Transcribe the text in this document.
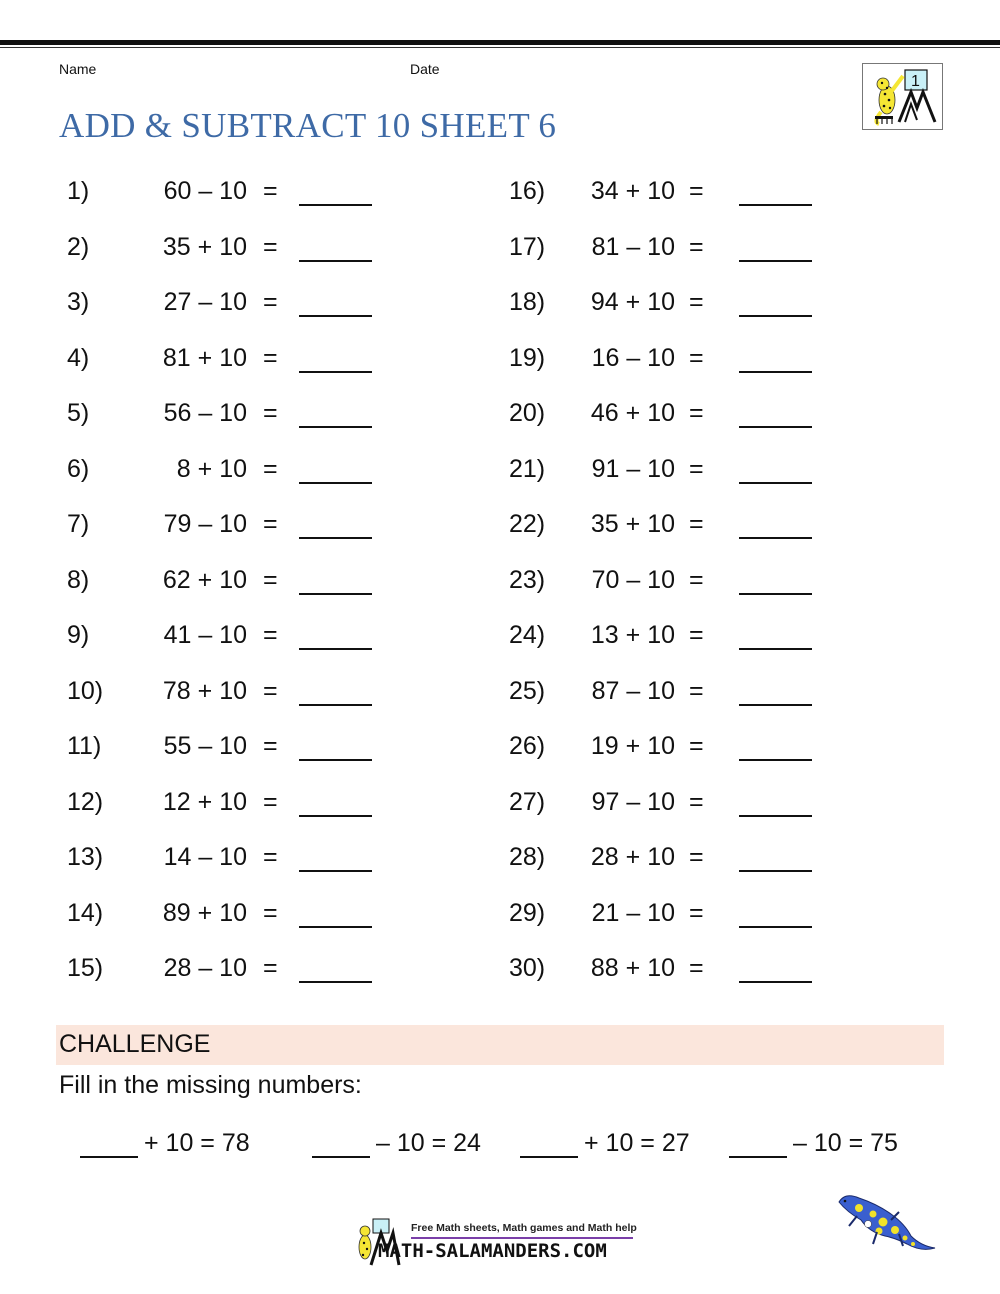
Name	Date
ADD & SUBTRACT 10 SHEET 6
1
1)	60 – 10 =
2)	35 + 10 =
3)	27 – 10 =
4)	81 + 10 =
5)	56 – 10 =
6)	8 + 10 =
7)	79 – 10 =
8)	62 + 10 =
9)	41 – 10 =
10)	78 + 10 =
11)	55 – 10 =
12)	12 + 10 =
13)	14 – 10 =
14)	89 + 10 =
15)	28 – 10 =
16)	34 + 10 =
17)	81 – 10 =
18)	94 + 10 =
19)	16 – 10 =
20)	46 + 10 =
21)	91 – 10 =
22)	35 + 10 =
23)	70 – 10 =
24)	13 + 10 =
25)	87 – 10 =
26)	19 + 10 =
27)	97 – 10 =
28)	28 + 10 =
29)	21 – 10 =
30)	88 + 10 =
CHALLENGE
Fill in the missing numbers:
+ 10 = 78	– 10 = 24	+ 10 = 27	– 10 = 75
Free Math sheets, Math games and Math help
MATH-SALAMANDERS.COM
